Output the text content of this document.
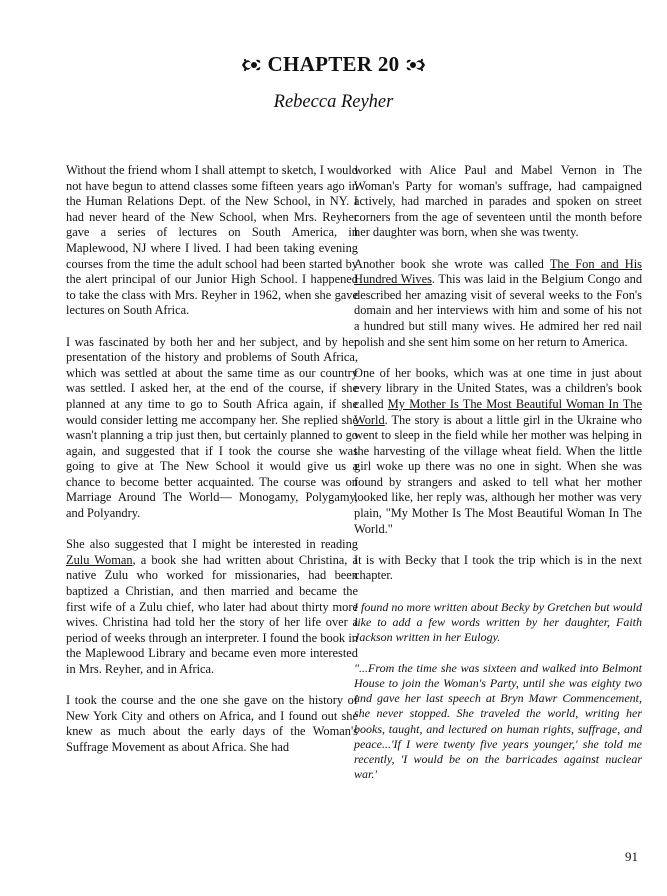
CHAPTER 20
Rebecca Reyher

Without the friend whom I shall attempt to sketch, I would not have begun to attend classes some fifteen years ago in the Human Relations Dept. of the New School, in NY. I had never heard of the New School, when Mrs. Reyher gave a series of lectures on South America, in Maplewood, NJ where I lived. I had been taking evening courses from the time the adult school had been started by the alert principal of our Junior High School. I happened to take the class with Mrs. Reyher in 1962, when she gave lectures on South Africa.

I was fascinated by both her and her subject, and by her presentation of the history and problems of South Africa, which was settled at about the same time as our country was settled. I asked her, at the end of the course, if she planned at any time to go to South Africa again, if she would consider letting me accompany her. She replied she wasn't planning a trip just then, but certainly planned to go again, and suggested that if I took the course she was going to give at The New School it would give us a chance to become better acquainted. The course was on Marriage Around The World— Monogamy, Polygamy, and Polyandry.

She also suggested that I might be interested in reading Zulu Woman, a book she had written about Christina, a native Zulu who worked for missionaries, had been baptized a Christian, and then married and became the first wife of a Zulu chief, who later had about thirty more wives. Christina had told her the story of her life over a period of weeks through an interpreter. I found the book in the Maplewood Library and became even more interested in Mrs. Reyher, and in Africa.

I took the course and the one she gave on the history of New York City and others on Africa, and I found out she knew as much about the early days of the Woman's Suffrage Movement as about Africa. She had

worked with Alice Paul and Mabel Vernon in The Woman's Party for woman's suffrage, had campaigned actively, had marched in parades and spoken on street corners from the age of seventeen until the month before her daughter was born, when she was twenty.

Another book she wrote was called The Fon and His Hundred Wives. This was laid in the Belgium Congo and described her amazing visit of several weeks to the Fon's domain and her interviews with him and some of his not a hundred but still many wives. He admired her red nail polish and she sent him some on her return to America.

One of her books, which was at one time in just about every library in the United States, was a children's book called My Mother Is The Most Beautiful Woman In The World. The story is about a little girl in the Ukraine who went to sleep in the field while her mother was helping in the harvesting of the village wheat field. When the little girl woke up there was no one in sight. When she was found by strangers and asked to tell what her mother looked like, her reply was, although her mother was very plain, "My Mother Is The Most Beautiful Woman In The World."

It is with Becky that I took the trip which is in the next chapter.

I found no more written about Becky by Gretchen but would like to add a few words written by her daughter, Faith Jackson written in her Eulogy.

"...From the time she was sixteen and walked into Belmont House to join the Woman's Party, until she was eighty two and gave her last speech at Bryn Mawr Commencement, she never stopped. She traveled the world, writing her books, taught, and lectured on human rights, suffrage, and peace...'If I were twenty five years younger,' she told me recently, 'I would be on the barricades against nuclear war.'

91
